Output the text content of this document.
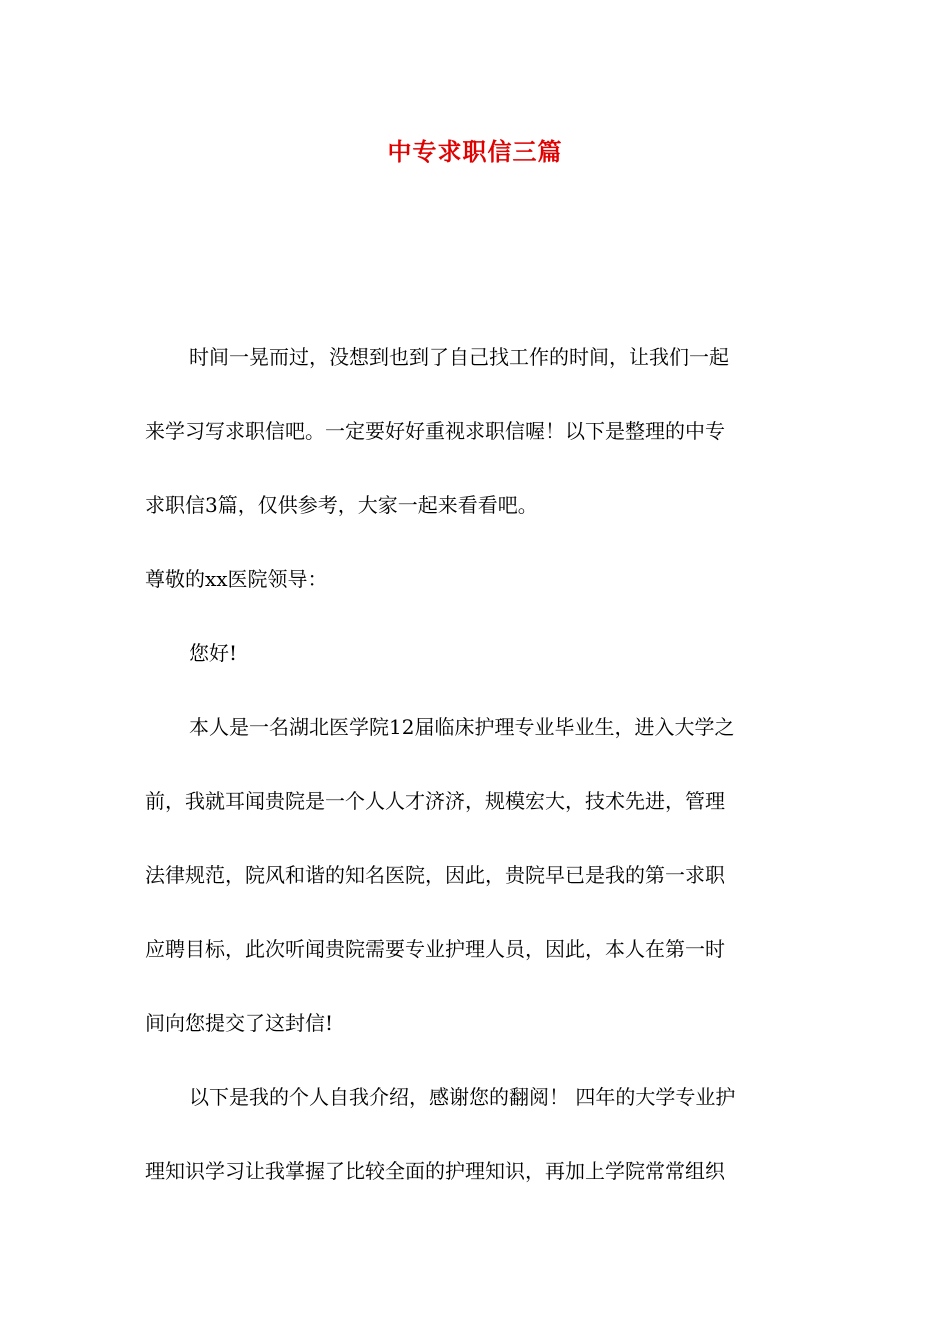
中专求职信三篇
时间一晃而过，没想到也到了自己找工作的时间，让我们一起
来学习写求职信吧。一定要好好重视求职信喔！以下是整理的中专
求职信3篇，仅供参考，大家一起来看看吧。
尊敬的xx医院领导：
您好!
本人是一名湖北医学院12届临床护理专业毕业生，进入大学之
前，我就耳闻贵院是一个人人才济济，规模宏大，技术先进，管理
法律规范，院风和谐的知名医院，因此，贵院早已是我的第一求职
应聘目标，此次听闻贵院需要专业护理人员，因此，本人在第一时
间向您提交了这封信!
以下是我的个人自我介绍，感谢您的翻阅！ 四年的大学专业护
理知识学习让我掌握了比较全面的护理知识，再加上学院常常组织
